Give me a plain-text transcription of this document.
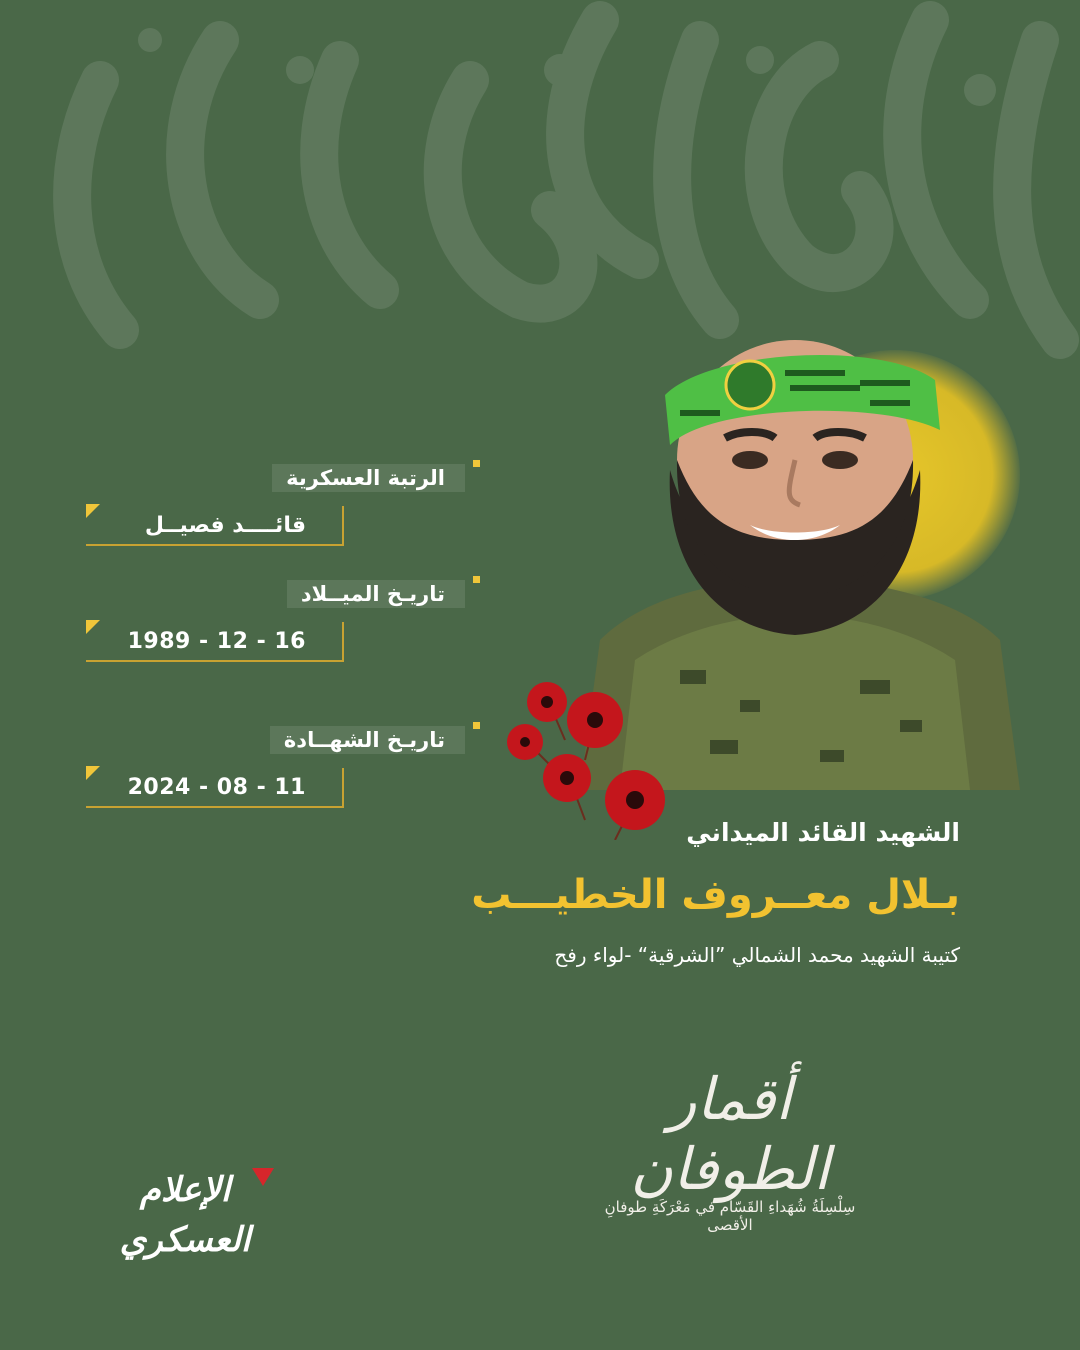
الرتبة العسكرية
قائــــد فصيــل
تاريـخ الميــلاد
16 - 12 - 1989
تاريـخ الشهــادة
11 - 08 - 2024
الشهيد القائد الميداني
بـلال معــروف الخطيـــب
كتيبة الشهيد محمد الشمالي ”الشرقية“ -لواء رفح
أقمار الطوفان
سِلْسِلَةُ شُهَداءِ القَسّام في مَعْرَكَةِ طوفانِ الأقصى
الإعلام العسكري
